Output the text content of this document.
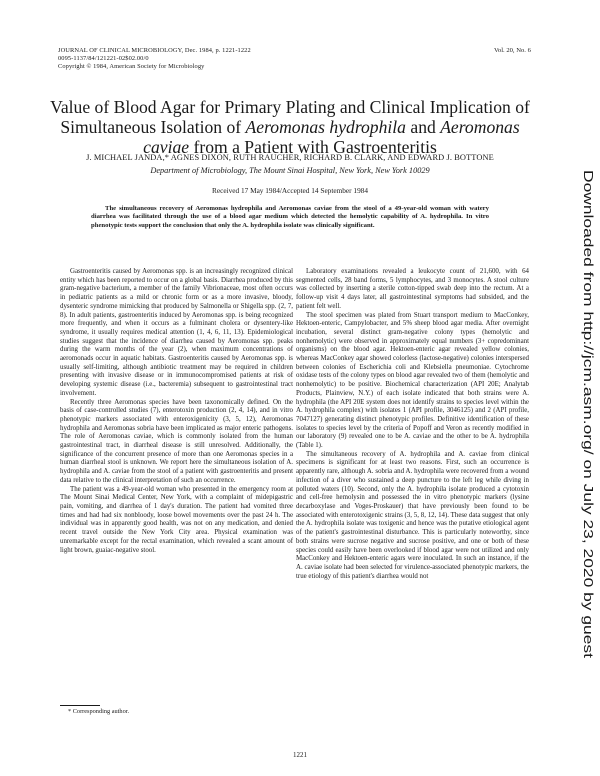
JOURNAL OF CLINICAL MICROBIOLOGY, Dec. 1984, p. 1221-1222
0095-1137/84/121221-02$02.00/0
Copyright © 1984, American Society for Microbiology
Vol. 20, No. 6
Value of Blood Agar for Primary Plating and Clinical Implication of Simultaneous Isolation of Aeromonas hydrophila and Aeromonas caviae from a Patient with Gastroenteritis
J. MICHAEL JANDA,* AGNES DIXON, RUTH RAUCHER, RICHARD B. CLARK, AND EDWARD J. BOTTONE
Department of Microbiology, The Mount Sinai Hospital, New York, New York 10029
Received 17 May 1984/Accepted 14 September 1984
The simultaneous recovery of Aeromonas hydrophila and Aeromonas caviae from the stool of a 49-year-old woman with watery diarrhea was facilitated through the use of a blood agar medium which detected the hemolytic capability of A. hydrophila. In vitro phenotypic tests support the conclusion that only the A. hydrophila isolate was clinically significant.

Gastroenteritis caused by Aeromonas spp. is an increasingly recognized clinical entity which has been reported to occur on a global basis. Diarrhea produced by this gram-negative bacterium, a member of the family Vibrionaceae, most often occurs in pediatric patients as a mild or chronic form or as a more invasive, bloody, dysenteric syndrome mimicking that produced by Salmonella or Shigella spp. (2, 7, 8). In adult patients, gastroenteritis induced by Aeromonas spp. is being recognized more frequently, and when it occurs as a fulminant cholera or dysentery-like syndrome, it usually requires medical attention (1, 4, 6, 11, 13). Epidemiological studies suggest that the incidence of diarrhea caused by Aeromonas spp. peaks during the warm months of the year (2), when maximum concentrations of aeromonads occur in aquatic habitats. Gastroenteritis caused by Aeromonas spp. is usually self-limiting, although antibiotic treatment may be required in children presenting with invasive disease or in immunocompromised patients at risk of developing systemic disease (i.e., bacteremia) subsequent to gastrointestinal tract involvement.

Recently three Aeromonas species have been taxonomically defined. On the basis of case-controlled studies (7), enterotoxin production (2, 4, 14), and in vitro phenotypic markers associated with enteroxigenicity (3, 5, 12), Aeromonas hydrophila and Aeromonas sobria have been implicated as major enteric pathogens. The role of Aeromonas caviae, which is commonly isolated from the human gastrointestinal tract, in diarrheal disease is still unresolved. Additionally, the significance of the concurrent presence of more than one Aeromonas species in a human diarrheal stool is unknown. We report here the simultaneous isolation of A. hydrophila and A. caviae from the stool of a patient with gastroenteritis and present data relative to the clinical interpretation of such an occurrence.

The patient was a 49-year-old woman who presented in the emergency room at The Mount Sinai Medical Center, New York, with a complaint of midepigastric pain, vomiting, and diarrhea of 1 day's duration. The patient had vomited three times and had had six nonbloody, loose bowel movements over the past 24 h. The individual was in apparently good health, was not on any medication, and denied recent travel outside the New York City area. Physical examination was unremarkable except for the rectal examination, which revealed a scant amount of light brown, guaiac-negative stool.

Laboratory examinations revealed a leukocyte count of 21,600, with 64 segmented cells, 28 band forms, 5 lymphocytes, and 3 monocytes. A stool culture was collected by inserting a sterile cotton-tipped swab deep into the rectum. At a follow-up visit 4 days later, all gastrointestinal symptoms had subsided, and the patient felt well.

The stool specimen was plated from Stuart transport medium to MacConkey, Hektoen-enteric, Campylobacter, and 5% sheep blood agar media. After overnight incubation, several distinct gram-negative colony types (hemolytic and nonhemolytic) were observed in approximately equal numbers (3+ copredominant organisms) on the blood agar. Hektoen-enteric agar revealed yellow colonies, whereas MacConkey agar showed colorless (lactose-negative) colonies interspersed between colonies of Escherichia coli and Klebsiella pneumoniae. Cytochrome oxidase tests of the colony types on blood agar revealed two of them (hemolytic and nonhemolytic) to be positive. Biochemical characterization (API 20E; Analytab Products, Plainview, N.Y.) of each isolate indicated that both strains were A. hydrophila (the API 20E system does not identify strains to species level within the A. hydrophila complex) with isolates 1 (API profile, 3046125) and 2 (API profile, 7047127) generating distinct phenotypic profiles. Definitive identification of these isolates to species level by the criteria of Popoff and Veron as recently modified in our laboratory (9) revealed one to be A. caviae and the other to be A. hydrophila (Table 1).

The simultaneous recovery of A. hydrophila and A. caviae from clinical specimens is significant for at least two reasons. First, such an occurrence is apparently rare, although A. sobria and A. hydrophila were recovered from a wound infection of a diver who sustained a deep puncture to the left leg while diving in polluted waters (10). Second, only the A. hydrophila isolate produced a cytotoxin and cell-free hemolysin and possessed the in vitro phenotypic markers (lysine decarboxylase and Voges-Proskauer) that have previously been found to be associated with enterotoxigenic strains (3, 5, 8, 12, 14). These data suggest that only the A. hydrophila isolate was toxigenic and hence was the putative etiological agent of the patient's gastrointestinal disturbance. This is particularly noteworthy, since both strains were sucrose negative and sucrose positive, and one or both of these species could easily have been overlooked if blood agar were not utilized and only MacConkey and Hektoen-enteric agars were inoculated. In such an instance, if the A. caviae isolate had been selected for virulence-associated phenotypic markers, the true etiology of this patient's diarrhea would not

* Corresponding author.
1221
Downloaded from http://jcm.asm.org/ on July 23, 2020 by guest
